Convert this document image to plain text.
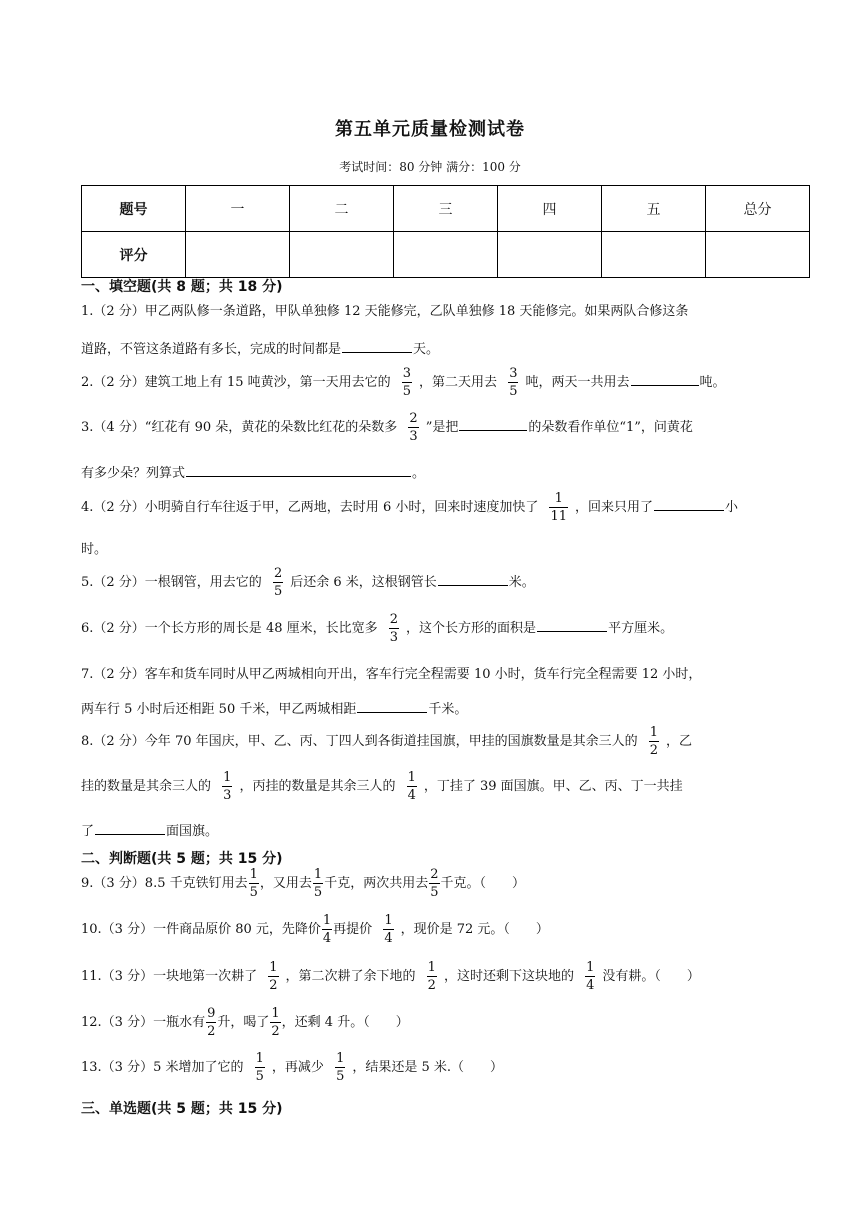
第五单元质量检测试卷
考试时间：80 分钟 满分：100 分
题号	一	二	三	四	五	总分
评分						
一、填空题(共 8 题；共 18 分)
1.（2 分）甲乙两队修一条道路，甲队单独修 12 天能修完，乙队单独修 18 天能修完。如果两队合修这条
道路，不管这条道路有多长，完成的时间都是	天。
2.（2 分）建筑工地上有 15 吨黄沙，第一天用去它的 $\frac{3}{5}$ ，第二天用去 $\frac{3}{5}$ 吨，两天一共用去	吨。
3.（4 分）“红花有 90 朵，黄花的朵数比红花的朵数多 $\frac{2}{3}$ ”是把	的朵数看作单位“1”，问黄花
有多少朵？列算式	。
4.（2 分）小明骑自行车往返于甲，乙两地，去时用 6 小时，回来时速度加快了 $\frac{1}{11}$ ，回来只用了	小
时。
5.（2 分）一根钢管，用去它的 $\frac{2}{5}$ 后还余 6 米，这根钢管长	米。
6.（2 分）一个长方形的周长是 48 厘米，长比宽多 $\frac{2}{3}$ ，这个长方形的面积是	平方厘米。
7.（2 分）客车和货车同时从甲乙两城相向开出，客车行完全程需要 10 小时，货车行完全程需要 12 小时，
两车行 5 小时后还相距 50 千米，甲乙两城相距	千米。
8.（2 分）今年 70 年国庆，甲、乙、丙、丁四人到各街道挂国旗，甲挂的国旗数量是其余三人的 $\frac{1}{2}$ ，乙
挂的数量是其余三人的 $\frac{1}{3}$ ，丙挂的数量是其余三人的 $\frac{1}{4}$ ，丁挂了 39 面国旗。甲、乙、丙、丁一共挂
了	面国旗。
二、判断题(共 5 题；共 15 分)
9.（3 分）8.5 千克铁钉用去 $\frac{1}{5}$ ，又用去 $\frac{1}{5}$ 千克，两次共用去 $\frac{2}{5}$ 千克。（　　）
10.（3 分）一件商品原价 80 元，先降价 $\frac{1}{4}$ 再提价 $\frac{1}{4}$ ，现价是 72 元。（　　）
11.（3 分）一块地第一次耕了 $\frac{1}{2}$ ，第二次耕了余下地的 $\frac{1}{2}$ ，这时还剩下这块地的 $\frac{1}{4}$ 没有耕。（　　）
12.（3 分）一瓶水有 $\frac{9}{2}$ 升，喝了 $\frac{1}{2}$ ，还剩 4 升。（　　）
13.（3 分）5 米增加了它的 $\frac{1}{5}$ ，再减少 $\frac{1}{5}$ ，结果还是 5 米.（　　）
三、单选题(共 5 题；共 15 分)
